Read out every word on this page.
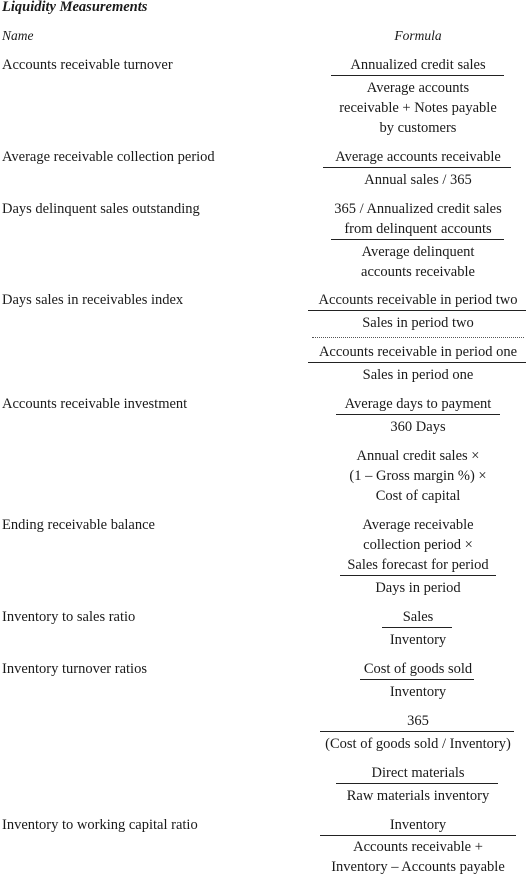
Liquidity Measurements
Name	Formula
Accounts receivable turnover	Annualized credit sales
Average accounts
receivable + Notes payable
by customers
Average receivable collection period	Average accounts receivable
Annual sales / 365
Days delinquent sales outstanding	365 / Annualized credit sales
from delinquent accounts
Average delinquent
accounts receivable
Days sales in receivables index	Accounts receivable in period two
Sales in period two
Accounts receivable in period one
Sales in period one
Accounts receivable investment	Average days to payment
360 Days
Annual credit sales ×
(1 – Gross margin %) ×
Cost of capital
Ending receivable balance	Average receivable
collection period ×
Sales forecast for period
Days in period
Inventory to sales ratio	Sales
Inventory
Inventory turnover ratios	Cost of goods sold
Inventory
365
(Cost of goods sold / Inventory)
Direct materials
Raw materials inventory
Inventory to working capital ratio	Inventory
Accounts receivable +
Inventory – Accounts payable
